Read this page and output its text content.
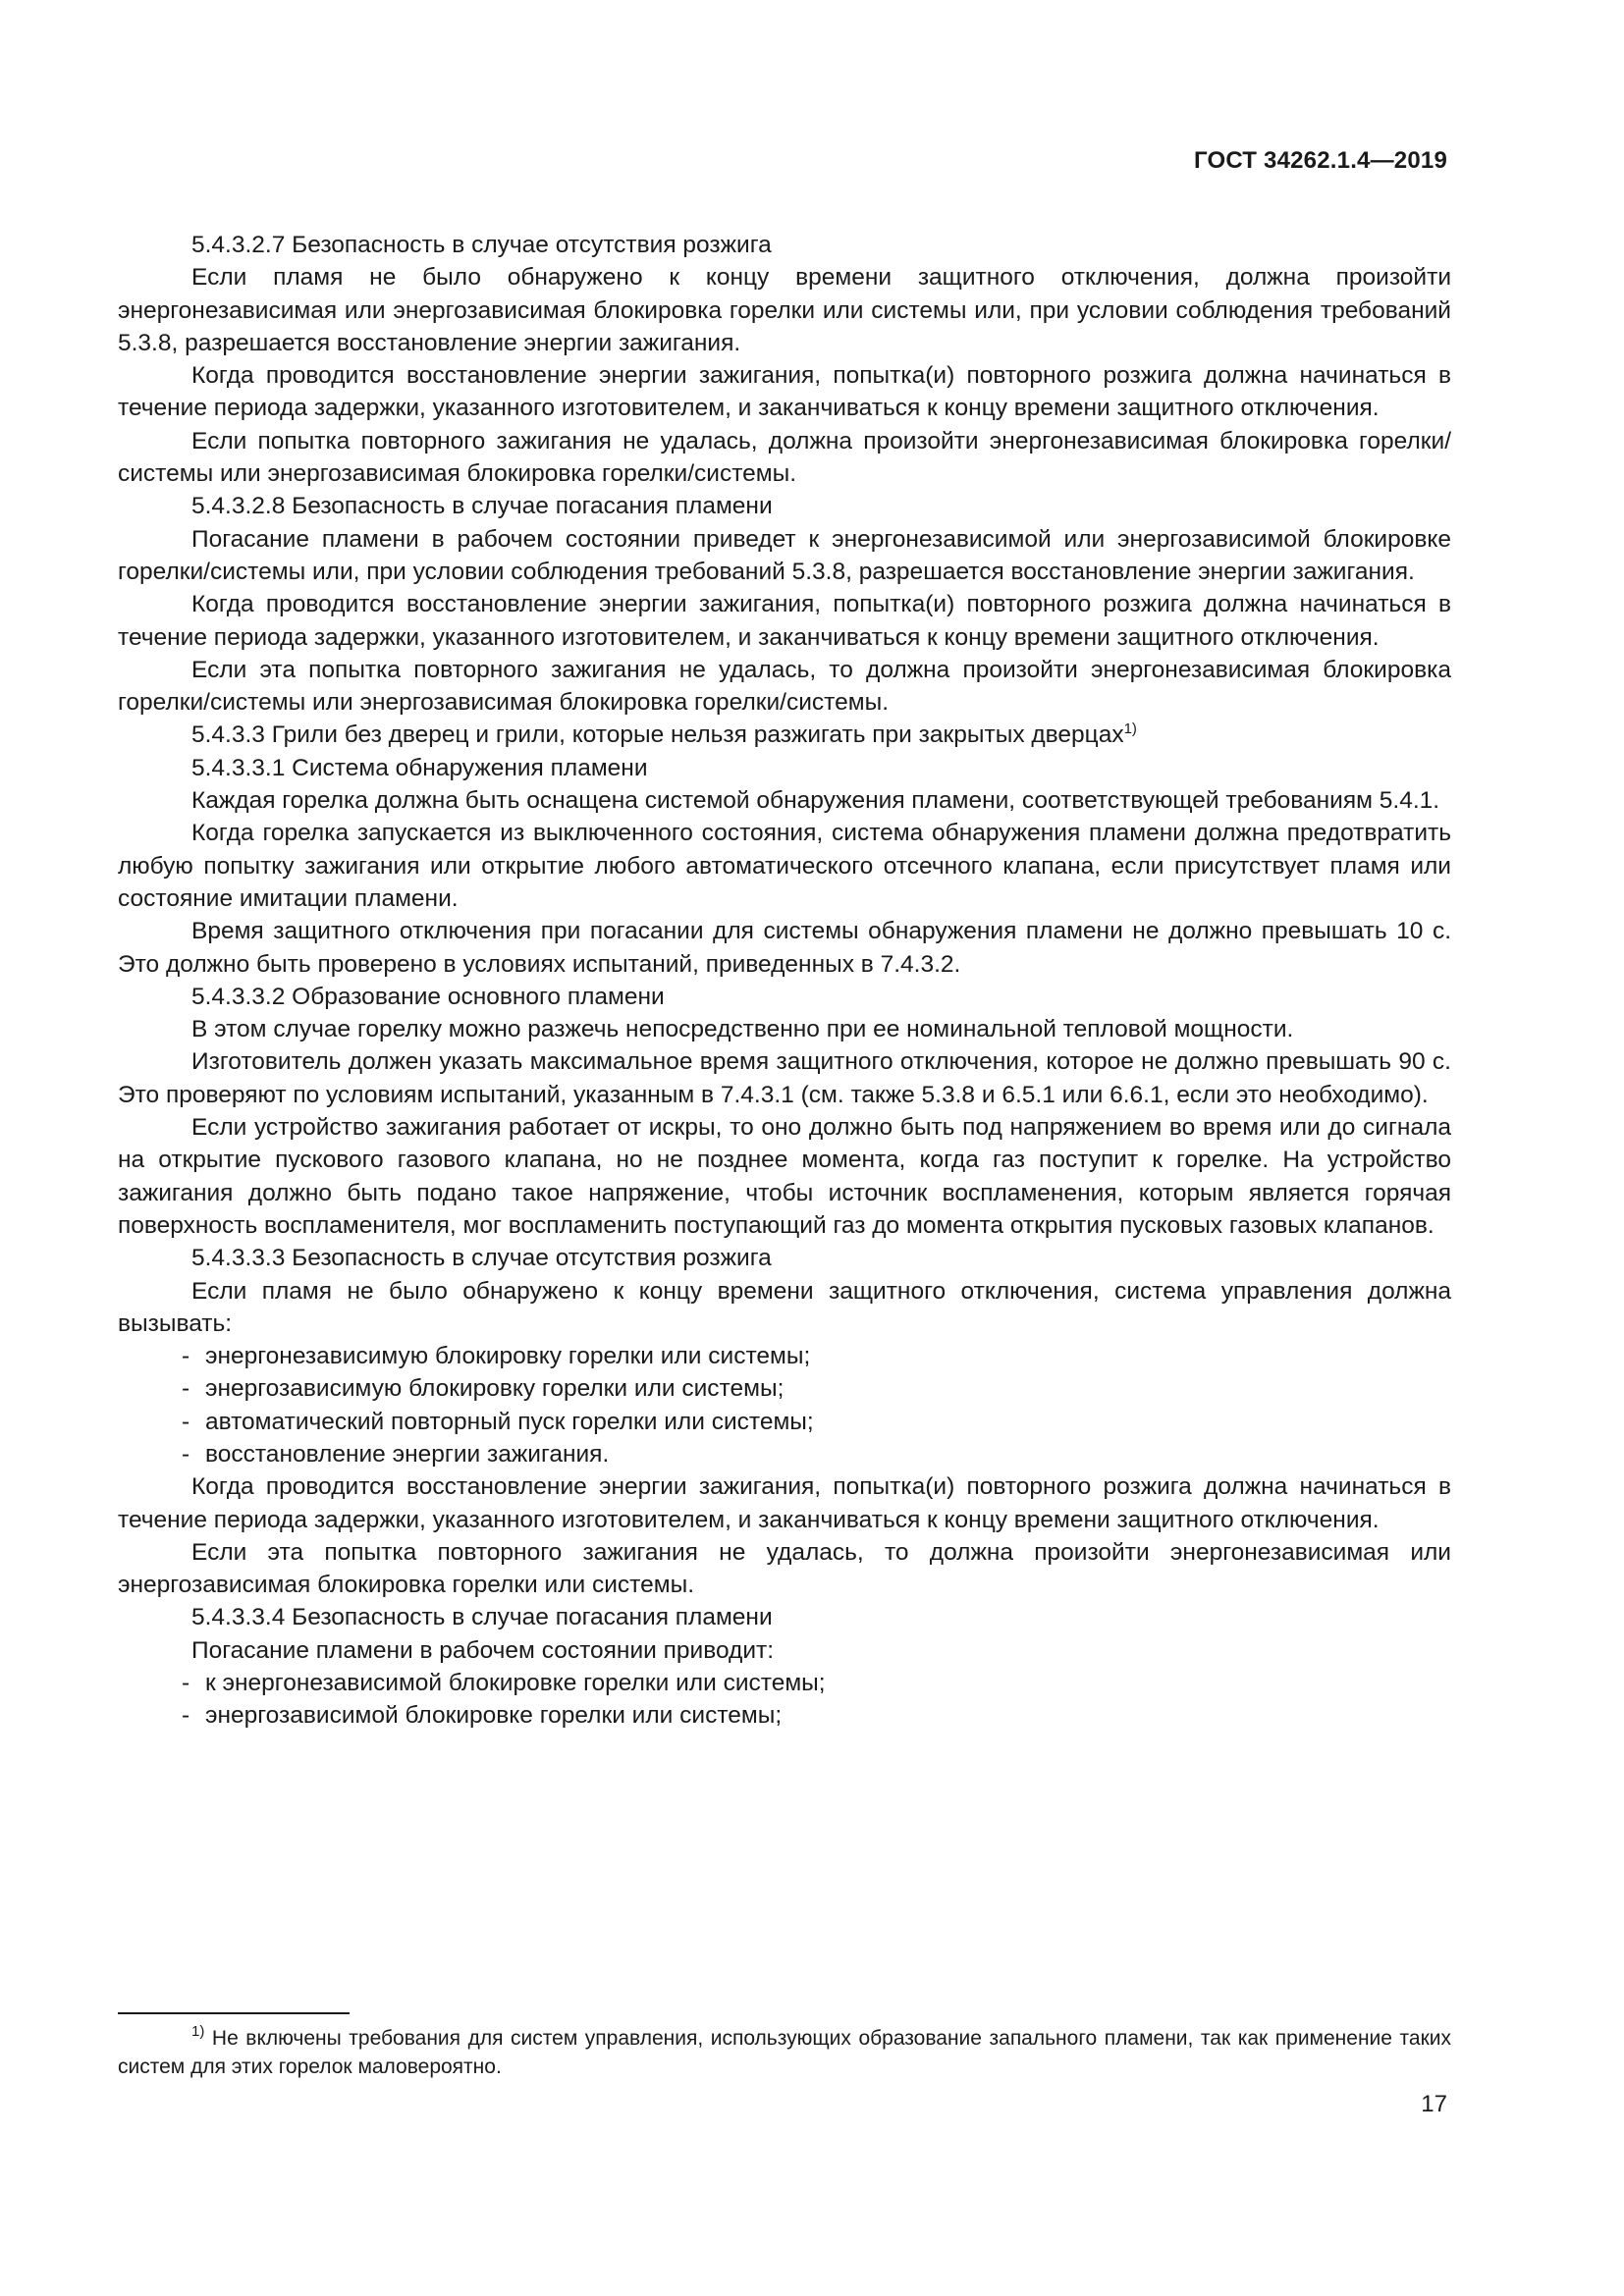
ГОСТ 34262.1.4—2019

5.4.3.2.7 Безопасность в случае отсутствия розжига

Если пламя не было обнаружено к концу времени защитного отключения, должна произойти энергонезависимая или энергозависимая блокировка горелки или системы или, при условии соблюдения требований 5.3.8, разрешается восстановление энергии зажигания.

Когда проводится восстановление энергии зажигания, попытка(и) повторного розжига должна начинаться в течение периода задержки, указанного изготовителем, и заканчиваться к концу времени защитного отключения.

Если попытка повторного зажигания не удалась, должна произойти энергонезависимая блокировка горелки/системы или энергозависимая блокировка горелки/системы.

5.4.3.2.8 Безопасность в случае погасания пламени

Погасание пламени в рабочем состоянии приведет к энергонезависимой или энергозависимой блокировке горелки/системы или, при условии соблюдения требований 5.3.8, разрешается восстановление энергии зажигания.

Когда проводится восстановление энергии зажигания, попытка(и) повторного розжига должна начинаться в течение периода задержки, указанного изготовителем, и заканчиваться к концу времени защитного отключения.

Если эта попытка повторного зажигания не удалась, то должна произойти энергонезависимая блокировка горелки/системы или энергозависимая блокировка горелки/системы.

5.4.3.3 Грили без дверец и грили, которые нельзя разжигать при закрытых дверцах$^{1)}$

5.4.3.3.1 Система обнаружения пламени

Каждая горелка должна быть оснащена системой обнаружения пламени, соответствующей требованиям 5.4.1.

Когда горелка запускается из выключенного состояния, система обнаружения пламени должна предотвратить любую попытку зажигания или открытие любого автоматического отсечного клапана, если присутствует пламя или состояние имитации пламени.

Время защитного отключения при погасании для системы обнаружения пламени не должно превышать 10 с. Это должно быть проверено в условиях испытаний, приведенных в 7.4.3.2.

5.4.3.3.2 Образование основного пламени

В этом случае горелку можно разжечь непосредственно при ее номинальной тепловой мощности.

Изготовитель должен указать максимальное время защитного отключения, которое не должно превышать 90 с. Это проверяют по условиям испытаний, указанным в 7.4.3.1 (см. также 5.3.8 и 6.5.1 или 6.6.1, если это необходимо).

Если устройство зажигания работает от искры, то оно должно быть под напряжением во время или до сигнала на открытие пускового газового клапана, но не позднее момента, когда газ поступит к горелке. На устройство зажигания должно быть подано такое напряжение, чтобы источник воспламенения, которым является горячая поверхность воспламенителя, мог воспламенить поступающий газ до момента открытия пусковых газовых клапанов.

5.4.3.3.3 Безопасность в случае отсутствия розжига

Если пламя не было обнаружено к концу времени защитного отключения, система управления должна вызывать:

- энергонезависимую блокировку горелки или системы;

- энергозависимую блокировку горелки или системы;

- автоматический повторный пуск горелки или системы;

- восстановление энергии зажигания.

Когда проводится восстановление энергии зажигания, попытка(и) повторного розжига должна начинаться в течение периода задержки, указанного изготовителем, и заканчиваться к концу времени защитного отключения.

Если эта попытка повторного зажигания не удалась, то должна произойти энергонезависимая или энергозависимая блокировка горелки или системы.

5.4.3.3.4 Безопасность в случае погасания пламени

Погасание пламени в рабочем состоянии приводит:

- к энергонезависимой блокировке горелки или системы;

- энергозависимой блокировке горелки или системы;

$^{1)}$ Не включены требования для систем управления, использующих образование запального пламени, так как применение таких систем для этих горелок маловероятно.
17
